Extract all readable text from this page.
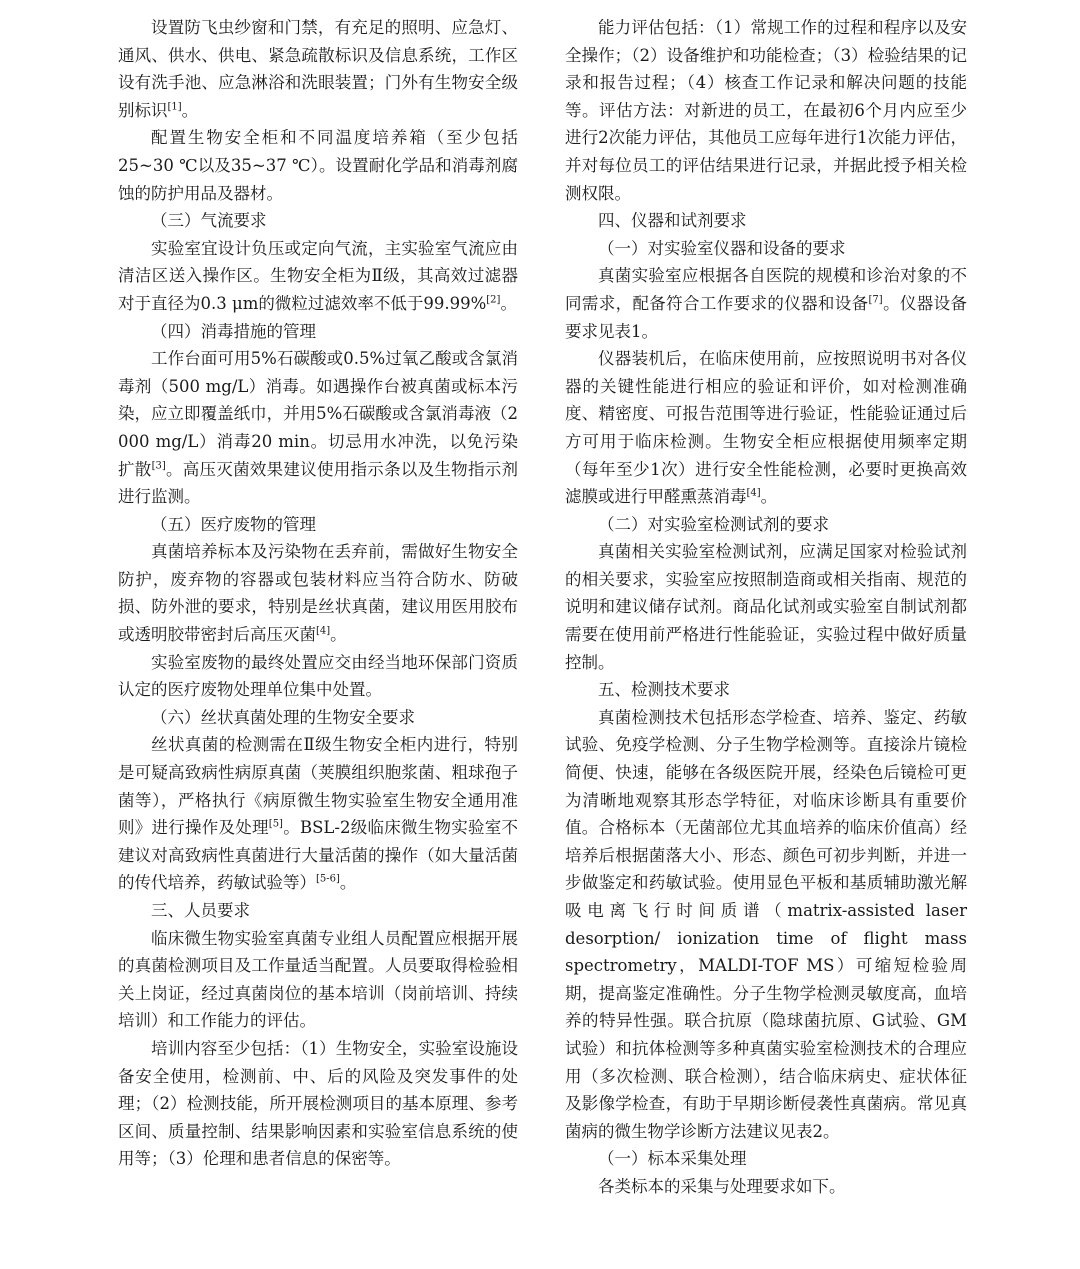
设置防飞虫纱窗和门禁，有充足的照明、应急灯、通风、供水、供电、紧急疏散标识及信息系统，工作区设有洗手池、应急淋浴和洗眼装置；门外有生物安全级别标识[1]。

配置生物安全柜和不同温度培养箱（至少包括25~30 ℃以及35~37 ℃）。设置耐化学品和消毒剂腐蚀的防护用品及器材。

（三）气流要求

实验室宜设计负压或定向气流，主实验室气流应由清洁区送入操作区。生物安全柜为Ⅱ级，其高效过滤器对于直径为0.3 μm的微粒过滤效率不低于99.99%[2]。

（四）消毒措施的管理

工作台面可用5%石碳酸或0.5%过氧乙酸或含氯消毒剂（500 mg/L）消毒。如遇操作台被真菌或标本污染，应立即覆盖纸巾，并用5%石碳酸或含氯消毒液（2 000 mg/L）消毒20 min。切忌用水冲洗，以免污染扩散[3]。高压灭菌效果建议使用指示条以及生物指示剂进行监测。

（五）医疗废物的管理

真菌培养标本及污染物在丢弃前，需做好生物安全防护，废弃物的容器或包装材料应当符合防水、防破损、防外泄的要求，特别是丝状真菌，建议用医用胶布或透明胶带密封后高压灭菌[4]。

实验室废物的最终处置应交由经当地环保部门资质认定的医疗废物处理单位集中处置。

（六）丝状真菌处理的生物安全要求

丝状真菌的检测需在Ⅱ级生物安全柜内进行，特别是可疑高致病性病原真菌（荚膜组织胞浆菌、粗球孢子菌等），严格执行《病原微生物实验室生物安全通用准则》进行操作及处理[5]。BSL-2级临床微生物实验室不建议对高致病性真菌进行大量活菌的操作（如大量活菌的传代培养，药敏试验等）[5-6]。

三、人员要求

临床微生物实验室真菌专业组人员配置应根据开展的真菌检测项目及工作量适当配置。人员要取得检验相关上岗证，经过真菌岗位的基本培训（岗前培训、持续培训）和工作能力的评估。

培训内容至少包括：（1）生物安全，实验室设施设备安全使用，检测前、中、后的风险及突发事件的处理；（2）检测技能，所开展检测项目的基本原理、参考区间、质量控制、结果影响因素和实验室信息系统的使用等；（3）伦理和患者信息的保密等。

能力评估包括：（1）常规工作的过程和程序以及安全操作；（2）设备维护和功能检查；（3）检验结果的记录和报告过程；（4）核查工作记录和解决问题的技能等。评估方法：对新进的员工，在最初6个月内应至少进行2次能力评估，其他员工应每年进行1次能力评估，并对每位员工的评估结果进行记录，并据此授予相关检测权限。

四、仪器和试剂要求

（一）对实验室仪器和设备的要求

真菌实验室应根据各自医院的规模和诊治对象的不同需求，配备符合工作要求的仪器和设备[7]。仪器设备要求见表1。

仪器装机后，在临床使用前，应按照说明书对各仪器的关键性能进行相应的验证和评价，如对检测准确度、精密度、可报告范围等进行验证，性能验证通过后方可用于临床检测。生物安全柜应根据使用频率定期（每年至少1次）进行安全性能检测，必要时更换高效滤膜或进行甲醛熏蒸消毒[4]。

（二）对实验室检测试剂的要求

真菌相关实验室检测试剂，应满足国家对检验试剂的相关要求，实验室应按照制造商或相关指南、规范的说明和建议储存试剂。商品化试剂或实验室自制试剂都需要在使用前严格进行性能验证，实验过程中做好质量控制。

五、检测技术要求

真菌检测技术包括形态学检查、培养、鉴定、药敏试验、免疫学检测、分子生物学检测等。直接涂片镜检简便、快速，能够在各级医院开展，经染色后镜检可更为清晰地观察其形态学特征，对临床诊断具有重要价值。合格标本（无菌部位尤其血培养的临床价值高）经培养后根据菌落大小、形态、颜色可初步判断，并进一步做鉴定和药敏试验。使用显色平板和基质辅助激光解吸电离飞行时间质谱（matrix-assisted laser desorption/ ionization time of flight mass spectrometry，MALDI-TOF MS）可缩短检验周期，提高鉴定准确性。分子生物学检测灵敏度高，血培养的特异性强。联合抗原（隐球菌抗原、G试验、GM试验）和抗体检测等多种真菌实验室检测技术的合理应用（多次检测、联合检测），结合临床病史、症状体征及影像学检查，有助于早期诊断侵袭性真菌病。常见真菌病的微生物学诊断方法建议见表2。

（一）标本采集处理

各类标本的采集与处理要求如下。
